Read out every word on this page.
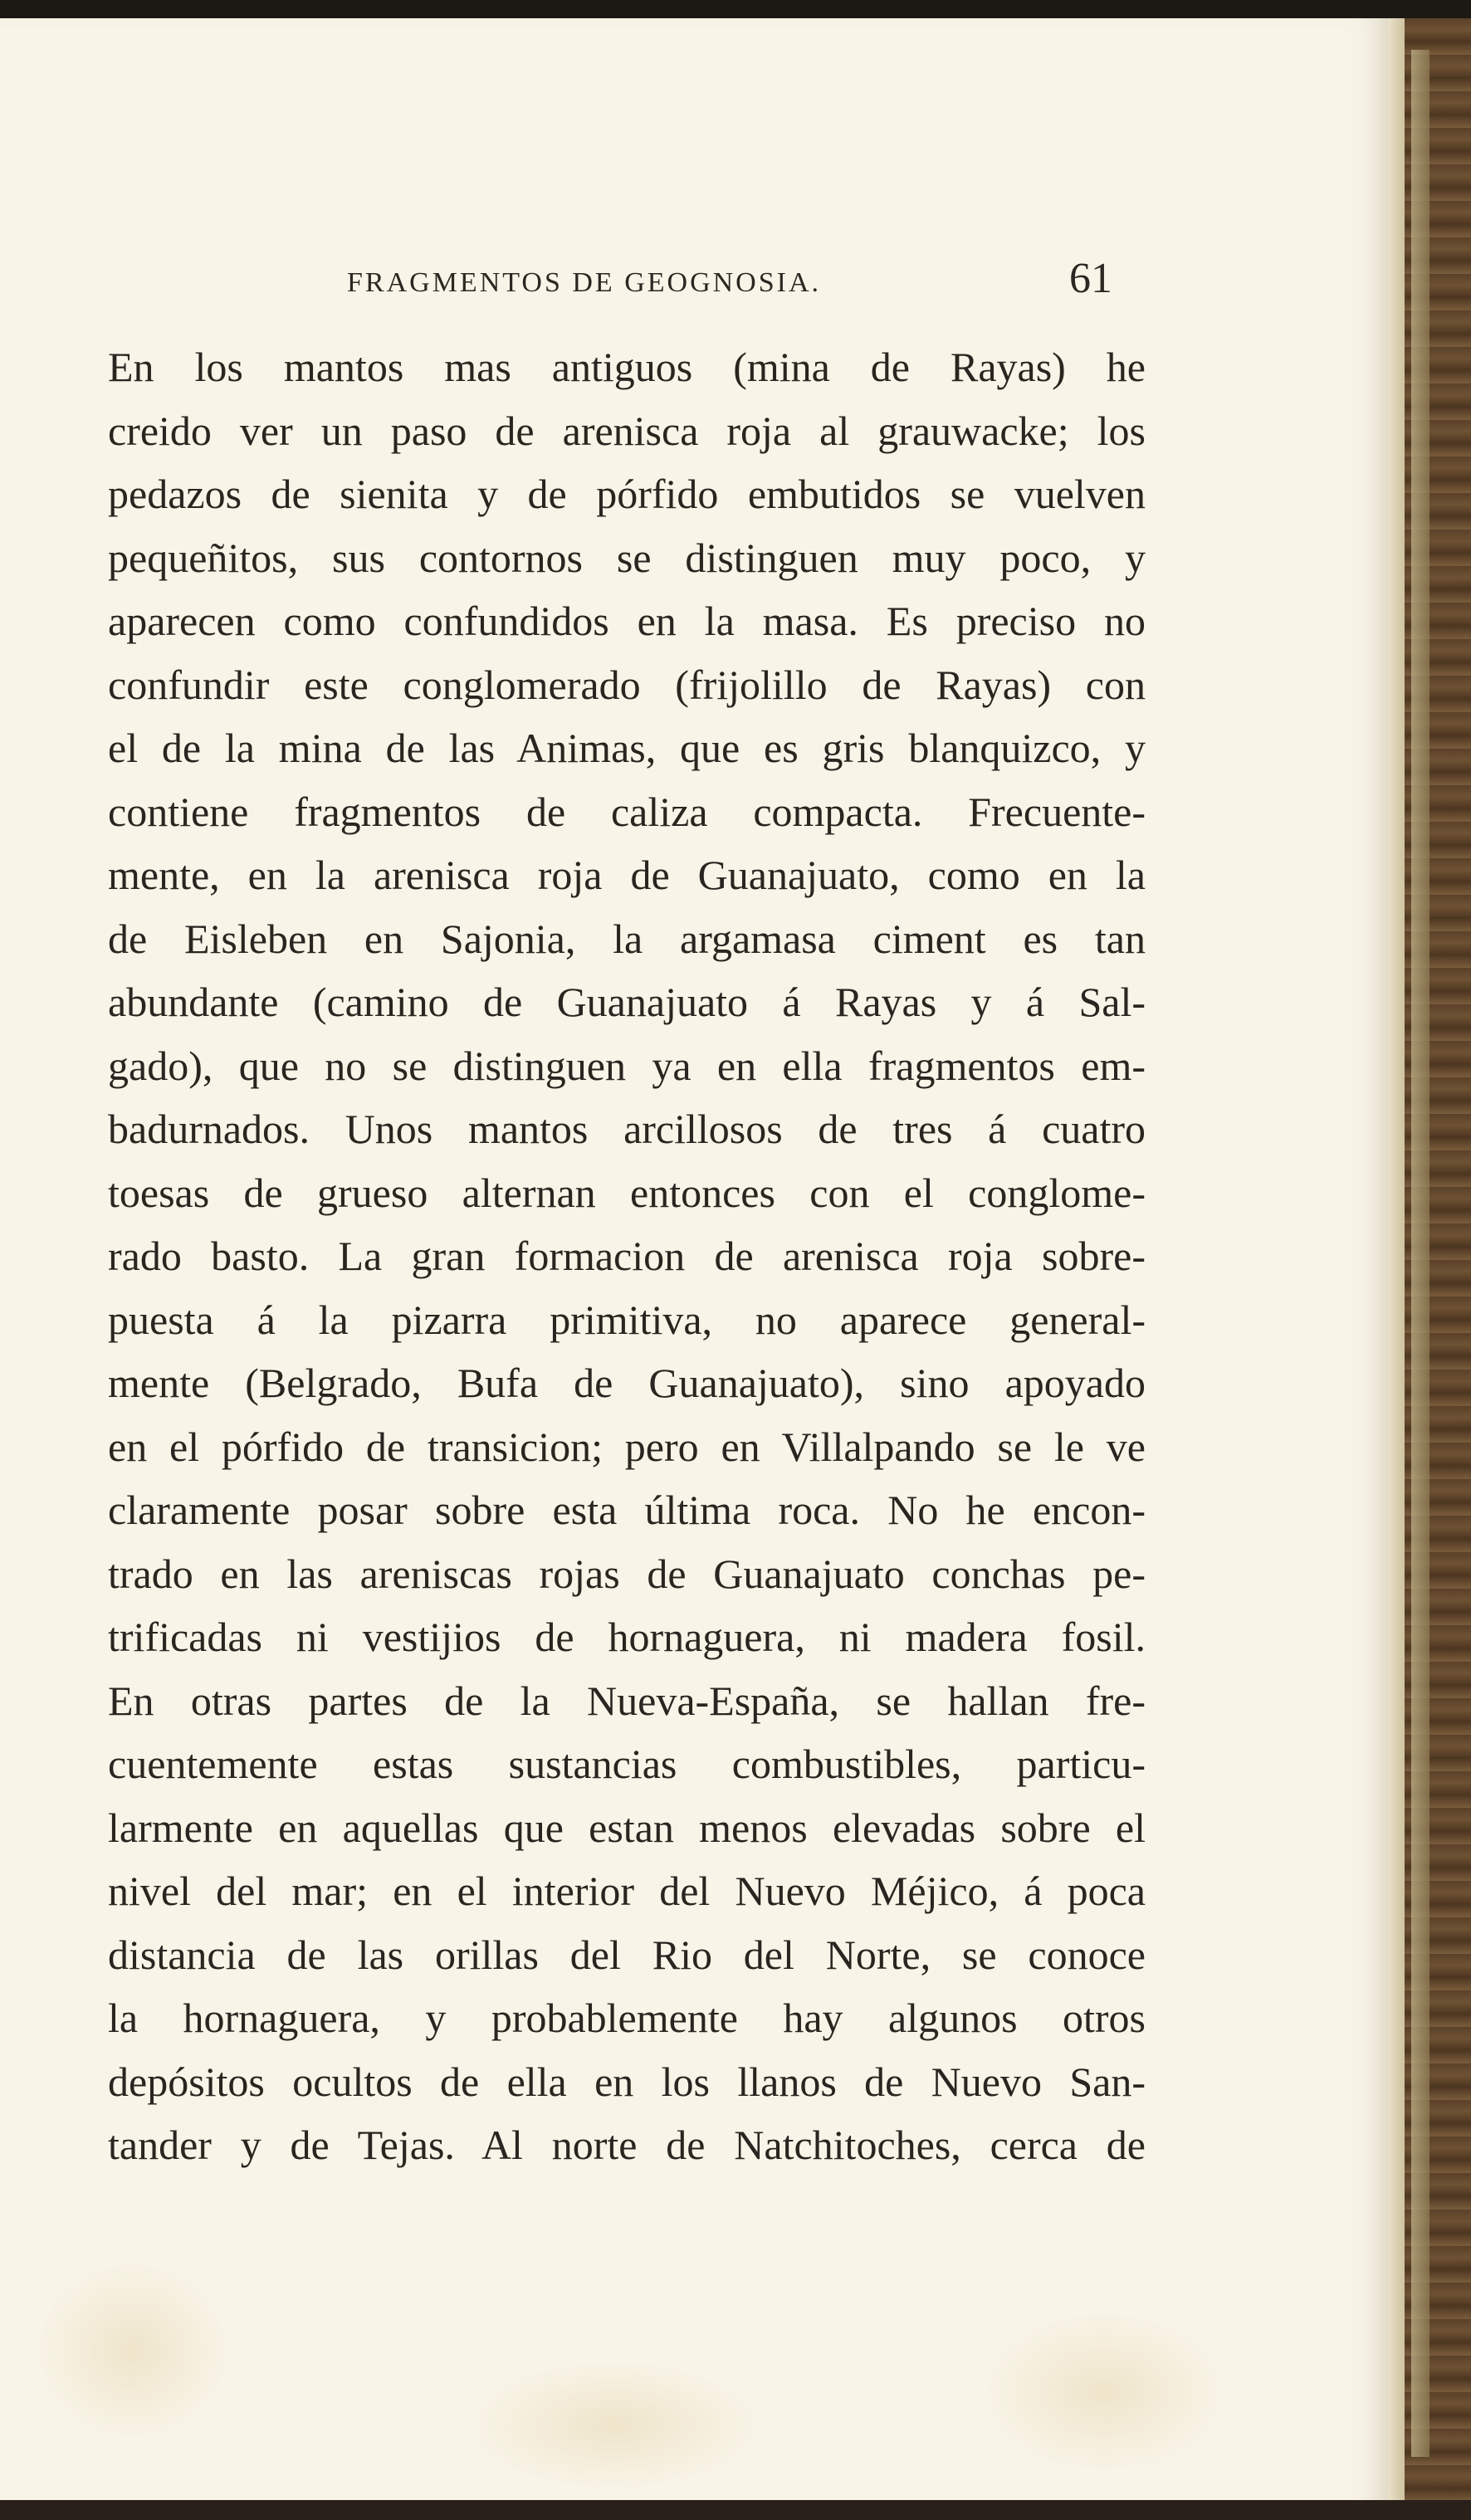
FRAGMENTOS DE GEOGNOSIA.	61
En los mantos mas antiguos (mina de Rayas) he
creido ver un paso de arenisca roja al grauwacke; los
pedazos de sienita y de pórfido embutidos se vuelven
pequeñitos, sus contornos se distinguen muy poco, y
aparecen como confundidos en la masa. Es preciso no
confundir este conglomerado (frijolillo de Rayas) con
el de la mina de las Animas, que es gris blanquizco, y
contiene fragmentos de caliza compacta. Frecuente-
mente, en la arenisca roja de Guanajuato, como en la
de Eisleben en Sajonia, la argamasa ciment es tan
abundante (camino de Guanajuato á Rayas y á Sal-
gado), que no se distinguen ya en ella fragmentos em-
badurnados. Unos mantos arcillosos de tres á cuatro
toesas de grueso alternan entonces con el conglome-
rado basto. La gran formacion de arenisca roja sobre-
puesta á la pizarra primitiva, no aparece general-
mente (Belgrado, Bufa de Guanajuato), sino apoyado
en el pórfido de transicion; pero en Villalpando se le ve
claramente posar sobre esta última roca. No he encon-
trado en las areniscas rojas de Guanajuato conchas pe-
trificadas ni vestijios de hornaguera, ni madera fosil.
En otras partes de la Nueva-España, se hallan fre-
cuentemente estas sustancias combustibles, particu-
larmente en aquellas que estan menos elevadas sobre el
nivel del mar; en el interior del Nuevo Méjico, á poca
distancia de las orillas del Rio del Norte, se conoce
la hornaguera, y probablemente hay algunos otros
depósitos ocultos de ella en los llanos de Nuevo San-
tander y de Tejas. Al norte de Natchitoches, cerca de
